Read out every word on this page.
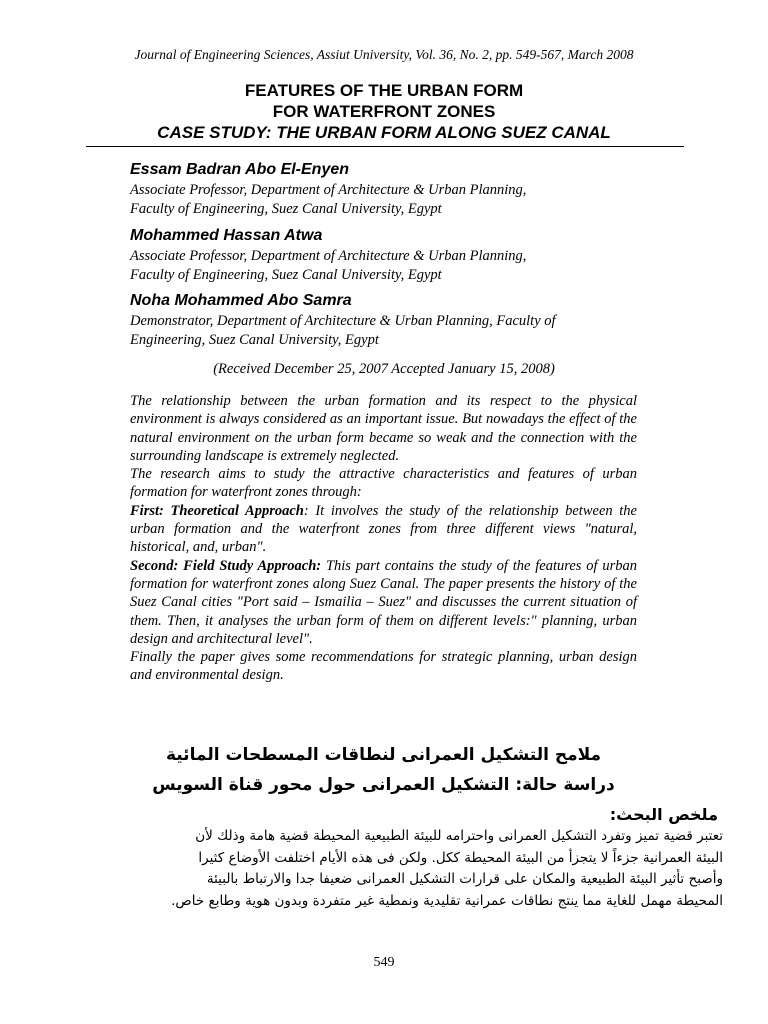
Journal of Engineering Sciences, Assiut University, Vol. 36, No. 2, pp. 549-567, March 2008
FEATURES OF THE URBAN FORM
FOR WATERFRONT ZONES
CASE STUDY: THE URBAN FORM ALONG SUEZ CANAL
Essam Badran Abo El-Enyen
Associate Professor, Department of Architecture & Urban Planning,
Faculty of Engineering, Suez Canal University, Egypt
Mohammed Hassan Atwa
Associate Professor, Department of Architecture & Urban Planning,
Faculty of Engineering, Suez Canal University, Egypt
Noha Mohammed Abo Samra
Demonstrator, Department of Architecture & Urban Planning, Faculty of
Engineering, Suez Canal University, Egypt
(Received December 25, 2007 Accepted January 15, 2008)

The relationship between the urban formation and its respect to the physical environment is always considered as an important issue. But nowadays the effect of the natural environment on the urban form became so weak and the connection with the surrounding landscape is extremely neglected.

The research aims to study the attractive characteristics and features of urban formation for waterfront zones through:

First: Theoretical Approach: It involves the study of the relationship between the urban formation and the waterfront zones from three different views "natural, historical, and, urban".

Second: Field Study Approach: This part contains the study of the features of urban formation for waterfront zones along Suez Canal. The paper presents the history of the Suez Canal cities "Port said – Ismailia – Suez" and discusses the current situation of them. Then, it analyses the urban form of them on different levels:" planning, urban design and architectural level".

Finally the paper gives some recommendations for strategic planning, urban design and environmental design.

ملامح التشكيل العمرانى لنطاقات المسطحات المائية
دراسة حالة: التشكيل العمرانى حول محور قناة السويس
ملخص البحث:
تعتبر قضية تميز وتفرد التشكيل العمرانى واحترامه للبيئة الطبيعية المحيطة قضية هامة وذلك لأن
البيئة العمرانية جزءاً لا يتجزأ من البيئة المحيطة ككل. ولكن فى هذه الأيام اختلفت الأوضاع كثيرا
وأصبح تأثير البيئة الطبيعية والمكان على قرارات التشكيل العمرانى ضعيفا جدا والارتباط بالبيئة
المحيطة مهمل للغاية مما ينتج نطاقات عمرانية تقليدية ونمطية غير متفردة وبدون هوية وطابع خاص.
549
